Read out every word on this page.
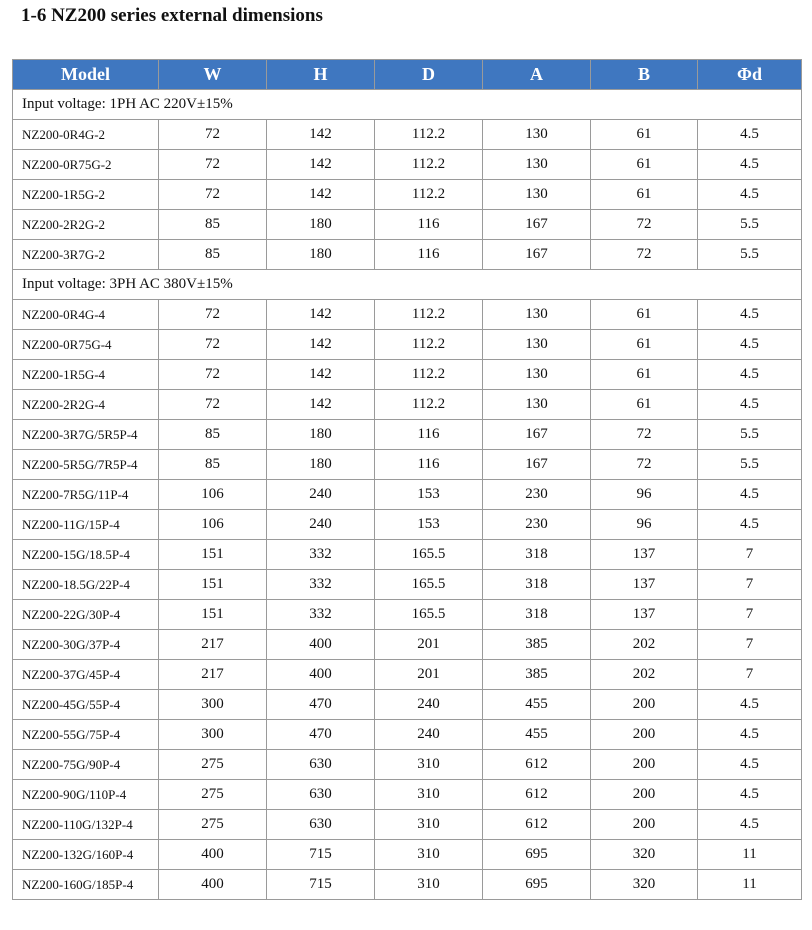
1-6 NZ200 series external dimensions
Model	W	H	D	A	B	Φd
Input voltage: 1PH AC 220V±15%						
NZ200-0R4G-2	72	142	112.2	130	61	4.5
NZ200-0R75G-2	72	142	112.2	130	61	4.5
NZ200-1R5G-2	72	142	112.2	130	61	4.5
NZ200-2R2G-2	85	180	116	167	72	5.5
NZ200-3R7G-2	85	180	116	167	72	5.5
Input voltage: 3PH AC 380V±15%						
NZ200-0R4G-4	72	142	112.2	130	61	4.5
NZ200-0R75G-4	72	142	112.2	130	61	4.5
NZ200-1R5G-4	72	142	112.2	130	61	4.5
NZ200-2R2G-4	72	142	112.2	130	61	4.5
NZ200-3R7G/5R5P-4	85	180	116	167	72	5.5
NZ200-5R5G/7R5P-4	85	180	116	167	72	5.5
NZ200-7R5G/11P-4	106	240	153	230	96	4.5
NZ200-11G/15P-4	106	240	153	230	96	4.5
NZ200-15G/18.5P-4	151	332	165.5	318	137	7
NZ200-18.5G/22P-4	151	332	165.5	318	137	7
NZ200-22G/30P-4	151	332	165.5	318	137	7
NZ200-30G/37P-4	217	400	201	385	202	7
NZ200-37G/45P-4	217	400	201	385	202	7
NZ200-45G/55P-4	300	470	240	455	200	4.5
NZ200-55G/75P-4	300	470	240	455	200	4.5
NZ200-75G/90P-4	275	630	310	612	200	4.5
NZ200-90G/110P-4	275	630	310	612	200	4.5
NZ200-110G/132P-4	275	630	310	612	200	4.5
NZ200-132G/160P-4	400	715	310	695	320	11
NZ200-160G/185P-4	400	715	310	695	320	11
